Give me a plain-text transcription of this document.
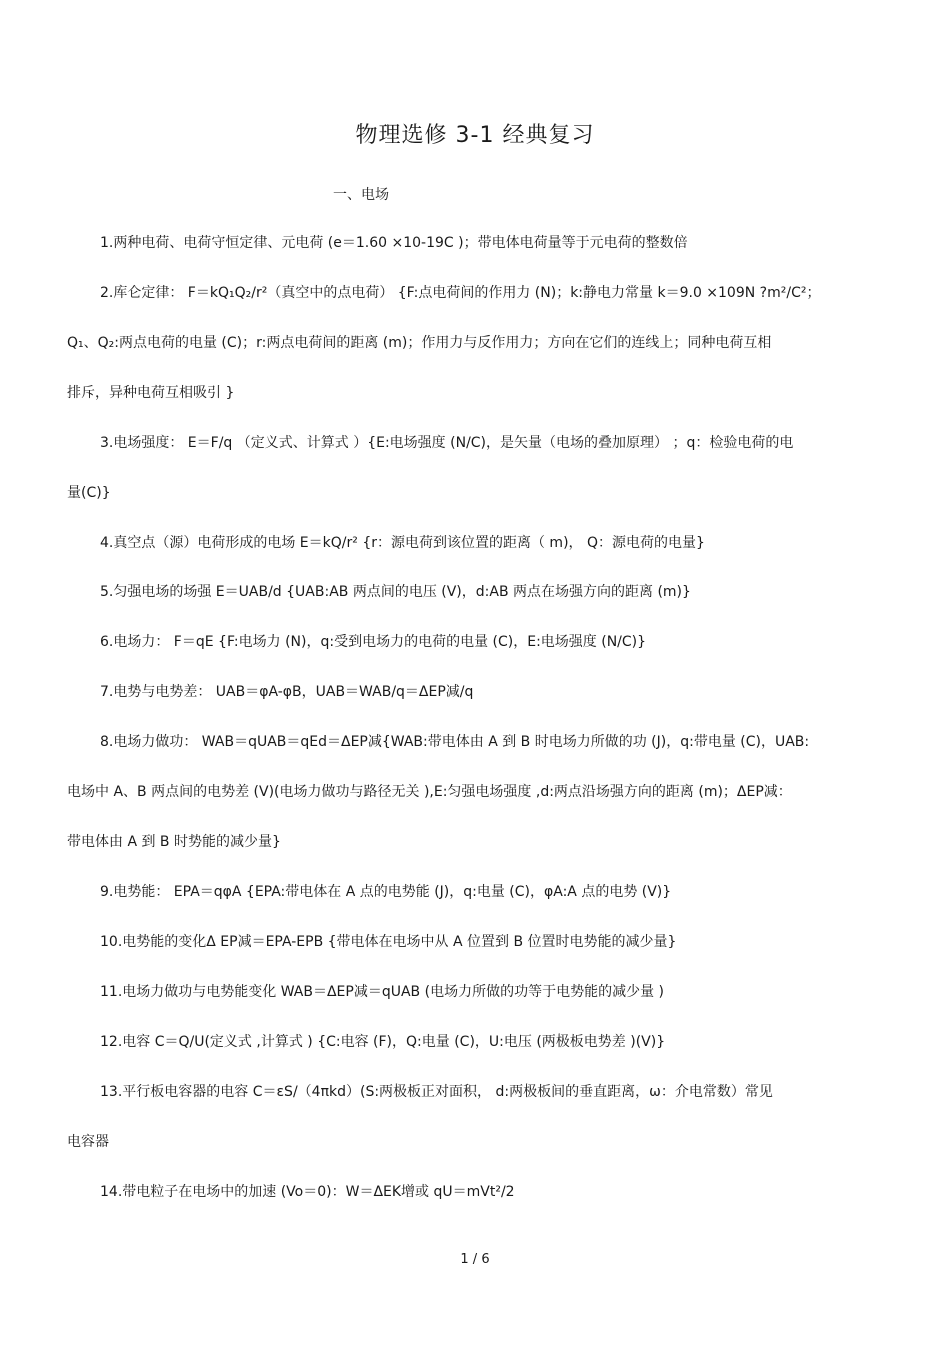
物理选修 3-1 经典复习
一、电场
1.两种电荷、电荷守恒定律、元电荷 (e＝1.60 ×10-19C )；带电体电荷量等于元电荷的整数倍
2.库仑定律： F＝kQ₁Q₂/r²（真空中的点电荷） {F:点电荷间的作用力 (N)；k:静电力常量 k＝9.0 ×109N ?m²/C²；
Q₁、Q₂:两点电荷的电量 (C)；r:两点电荷间的距离 (m)；作用力与反作用力；方向在它们的连线上；同种电荷互相
排斥，异种电荷互相吸引 }
3.电场强度： E＝F/q （定义式、计算式 ）{E:电场强度 (N/C)，是矢量（电场的叠加原理） ；q：检验电荷的电
量(C)}
4.真空点（源）电荷形成的电场 E＝kQ/r² {r：源电荷到该位置的距离（ m)， Q：源电荷的电量}
5.匀强电场的场强 E＝UAB/d {UAB:AB 两点间的电压 (V)，d:AB 两点在场强方向的距离 (m)}
6.电场力： F＝qE {F:电场力 (N)，q:受到电场力的电荷的电量 (C)，E:电场强度 (N/C)}
7.电势与电势差： UAB＝φA-φB，UAB＝WAB/q＝ΔEP减/q
8.电场力做功： WAB＝qUAB＝qEd＝ΔEP减{WAB:带电体由 A 到 B 时电场力所做的功 (J)，q:带电量 (C)，UAB:
电场中 A、B 两点间的电势差 (V)(电场力做功与路径无关 ),E:匀强电场强度 ,d:两点沿场强方向的距离 (m)；ΔEP减：
带电体由 A 到 B 时势能的减少量}
9.电势能： EPA＝qφA {EPA:带电体在 A 点的电势能 (J)，q:电量 (C)，φA:A 点的电势 (V)}
10.电势能的变化Δ EP减＝EPA-EPB {带电体在电场中从 A 位置到 B 位置时电势能的减少量}
11.电场力做功与电势能变化 WAB＝ΔEP减＝qUAB (电场力所做的功等于电势能的减少量 )
12.电容 C＝Q/U(定义式 ,计算式 ) {C:电容 (F)，Q:电量 (C)，U:电压 (两极板电势差 )(V)}
13.平行板电容器的电容 C＝εS/（4πkd）(S:两极板正对面积， d:两极板间的垂直距离，ω：介电常数）常见
电容器
14.带电粒子在电场中的加速 (Vo＝0)：W＝ΔEK增或 qU＝mVt²/2
1 / 6
